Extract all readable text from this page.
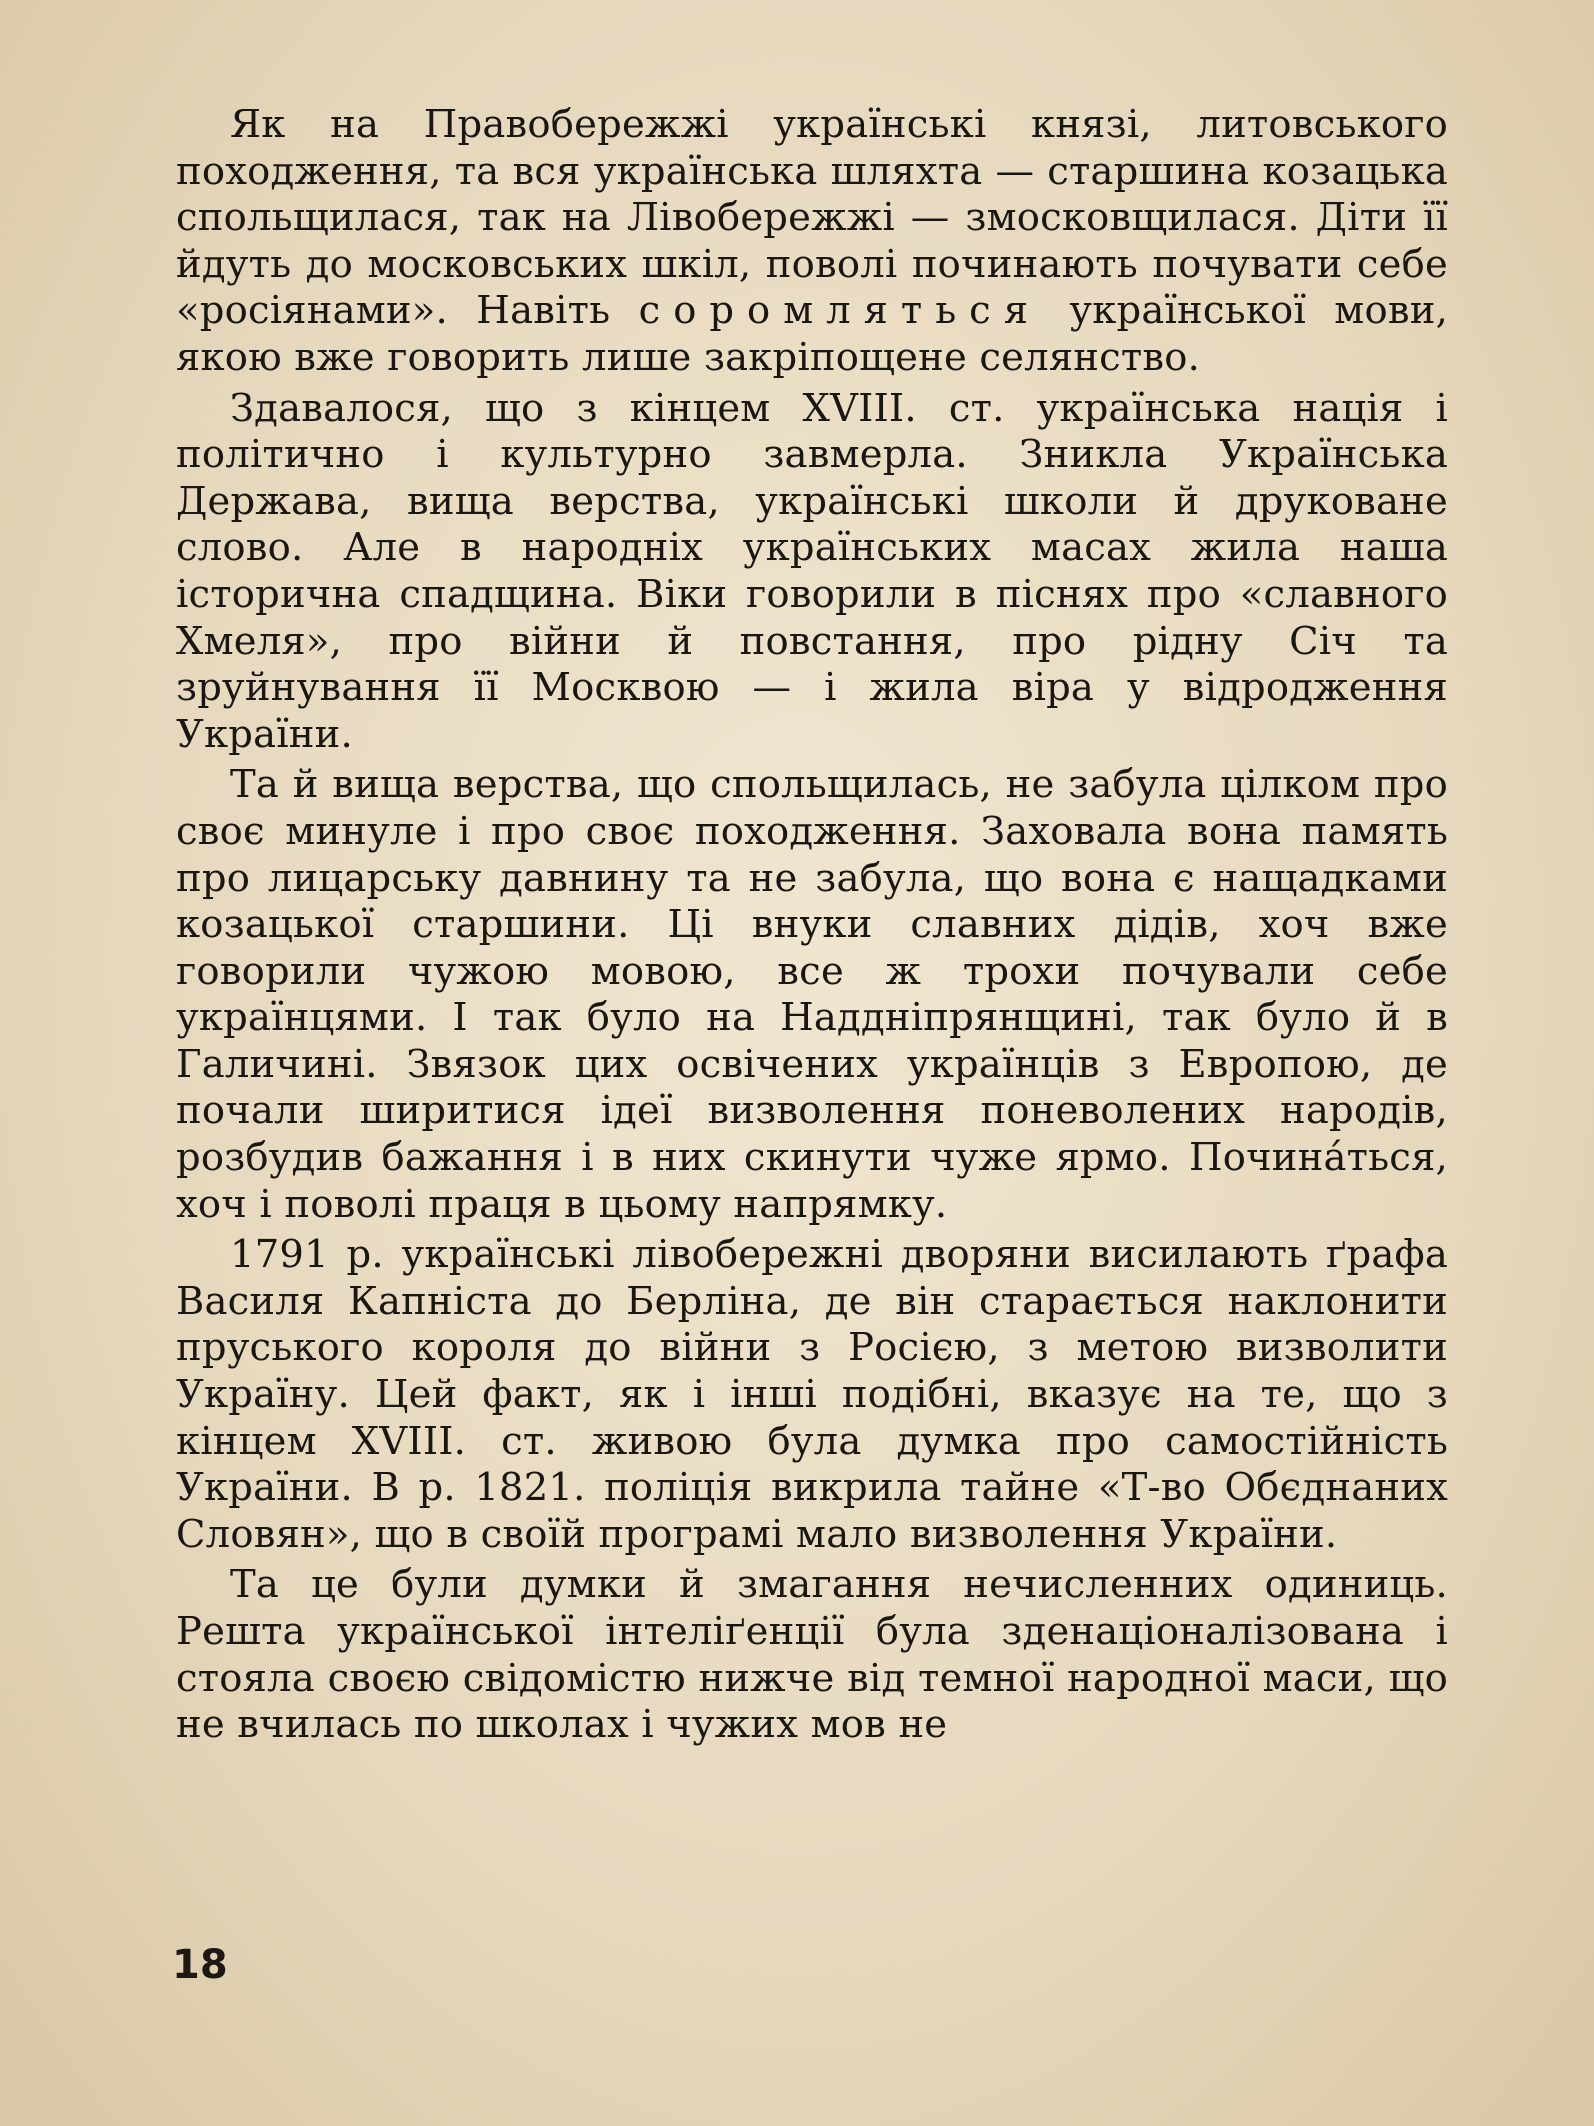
Як на Правобережжі українські князі, литовського походження, та вся українська шляхта — старшина козацька спольщилася, так на Лівобережжі — змосковщилася. Діти її йдуть до московських шкіл, поволі починають почувати себе «росіянами». Навіть соромляться української мови, якою вже говорить лише закріпощене селянство.

Здавалося, що з кінцем XVIII. ст. українська нація і політично і культурно завмерла. Зникла Українська Держава, вища верства, українські школи й друковане слово. Але в народніх українських масах жила наша історична спадщина. Віки говорили в піснях про «славного Хмеля», про війни й повстання, про рідну Січ та зруйнування її Москвою — і жила віра у відродження України.

Та й вища верства, що спольщилась, не забула цілком про своє минуле і про своє походження. Заховала вона память про лицарську давнину та не забула, що вона є нащадками козацької старшини. Ці внуки славних дідів, хоч вже говорили чужою мовою, все ж трохи почували себе українцями. І так було на Наддніпрянщині, так було й в Галичині. Звязок цих освічених українців з Европою, де почали ширитися ідеї визволення поневолених народів, розбудив бажання і в них скинути чуже ярмо. Почина́ться, хоч і поволі праця в цьому напрямку.

1791 р. українські лівобережні дворяни висилають ґрафа Василя Капніста до Берліна, де він старається наклонити пруського короля до війни з Росією, з метою визволити Україну. Цей факт, як і інші подібні, вказує на те, що з кінцем XVIII. ст. живою була думка про самостійність України. В р. 1821. поліція викрила тайне «Т-во Обєднаних Словян», що в своїй програмі мало визволення України.

Та це були думки й змагання нечисленних одиниць. Решта української інтеліґенції була зденаціоналізована і стояла своєю свідомістю нижче від темної народної маси, що не вчилась по школах і чужих мов не

18
